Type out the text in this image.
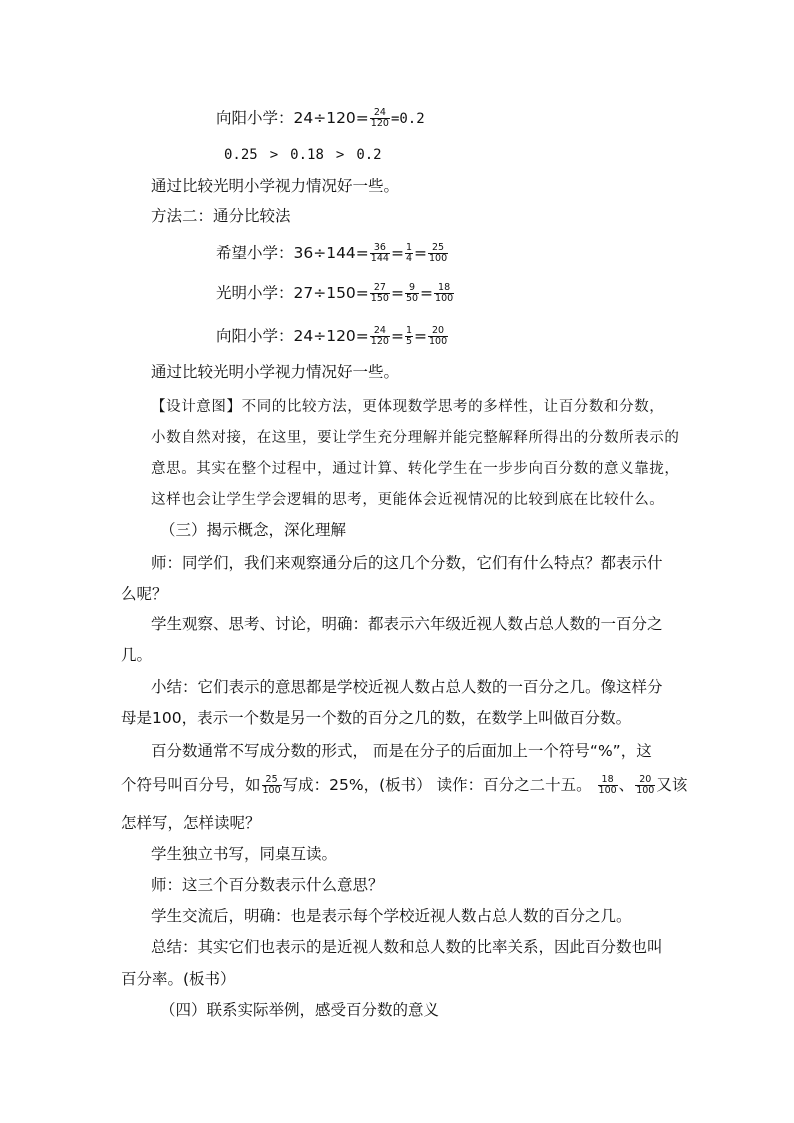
向阳小学：$24\div 120= \frac{24}{120} =0.2$
0.25 > 0.18 > 0.2
通过比较光明小学视力情况好一些。
方法二：通分比较法
希望小学：$36\div 144= \frac{36}{144} = \frac{1}{4} = \frac{25}{100}$
光明小学：$27\div 150= \frac{27}{150} = \frac{9}{50} = \frac{18}{100}$
向阳小学：$24\div 120= \frac{24}{120} = \frac{1}{5} = \frac{20}{100}$
通过比较光明小学视力情况好一些。
【设计意图】不同的比较方法，更体现数学思考的多样性，让百分数和分数，
小数自然对接，在这里，要让学生充分理解并能完整解释所得出的分数所表示的
意思。其实在整个过程中，通过计算、转化学生在一步步向百分数的意义靠拢，
这样也会让学生学会逻辑的思考，更能体会近视情况的比较到底在比较什么。
（三）揭示概念，深化理解
师：同学们，我们来观察通分后的这几个分数，它们有什么特点？都表示什
么呢？
学生观察、思考、讨论，明确：都表示六年级近视人数占总人数的一百分之
几。
小结：它们表示的意思都是学校近视人数占总人数的一百分之几。像这样分
母是100，表示一个数是另一个数的百分之几的数，在数学上叫做百分数。
百分数通常不写成分数的形式， 而是在分子的后面加上一个符号“%”，这
个符号叫百分号，如 $\frac{25}{100}$ 写成：25%，(板书） 读作：百分之二十五。 $\frac{18}{100}$ 、 $\frac{20}{100}$ 又该
怎样写，怎样读呢？
学生独立书写，同桌互读。
师：这三个百分数表示什么意思？
学生交流后，明确：也是表示每个学校近视人数占总人数的百分之几。
总结：其实它们也表示的是近视人数和总人数的比率关系，因此百分数也叫
百分率。(板书）
（四）联系实际举例，感受百分数的意义
